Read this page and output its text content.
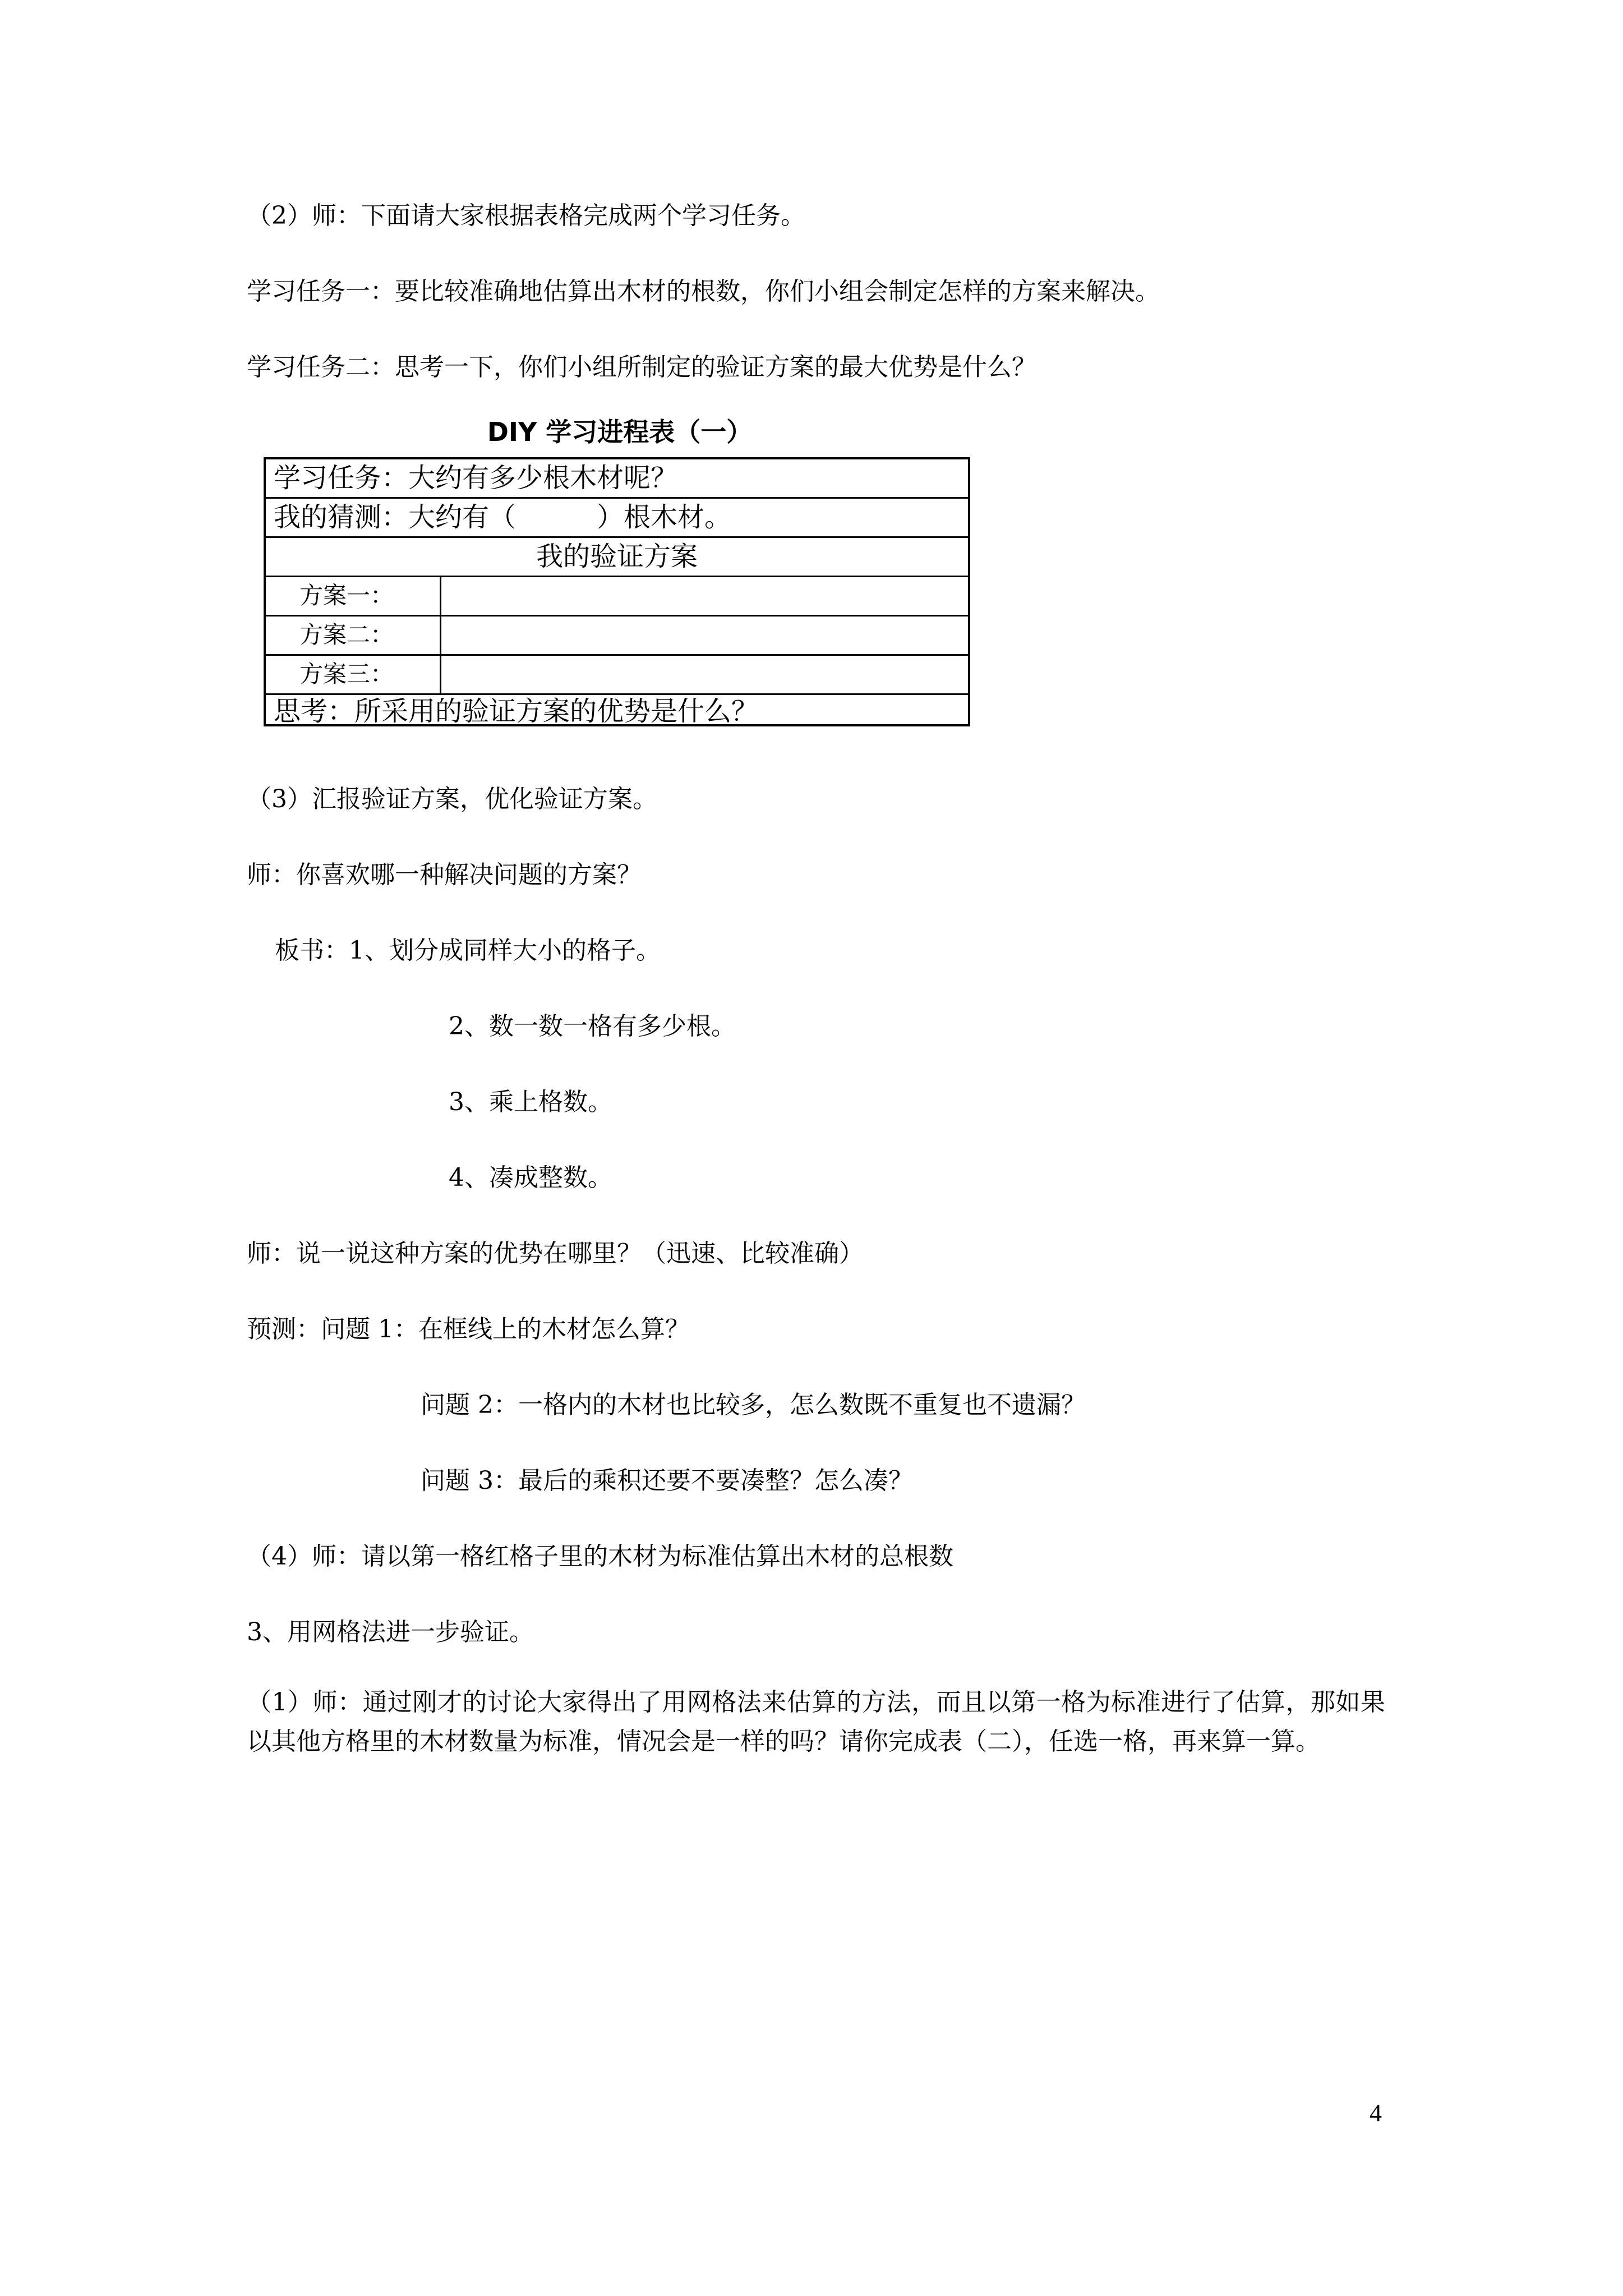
（2）师：下面请大家根据表格完成两个学习任务。

学习任务一：要比较准确地估算出木材的根数，你们小组会制定怎样的方案来解决。

学习任务二：思考一下，你们小组所制定的验证方案的最大优势是什么？

DIY 学习进程表（一）
学习任务：大约有多少根木材呢？
我的猜测：大约有（　　　）根木材。
我的验证方案
方案一：
方案二：
方案三：
思考：所采用的验证方案的优势是什么？

（3）汇报验证方案，优化验证方案。

师：你喜欢哪一种解决问题的方案？

板书：1、划分成同样大小的格子。

2、数一数一格有多少根。

3、乘上格数。

4、凑成整数。

师：说一说这种方案的优势在哪里？（迅速、比较准确）

预测：问题 1：在框线上的木材怎么算？

问题 2：一格内的木材也比较多，怎么数既不重复也不遗漏？

问题 3：最后的乘积还要不要凑整？怎么凑？

（4）师：请以第一格红格子里的木材为标准估算出木材的总根数

3、用网格法进一步验证。

（1）师：通过刚才的讨论大家得出了用网格法来估算的方法，而且以第一格为标准进行了估算，那如果以其他方格里的木材数量为标准，情况会是一样的吗？请你完成表（二），任选一格，再来算一算。

4
